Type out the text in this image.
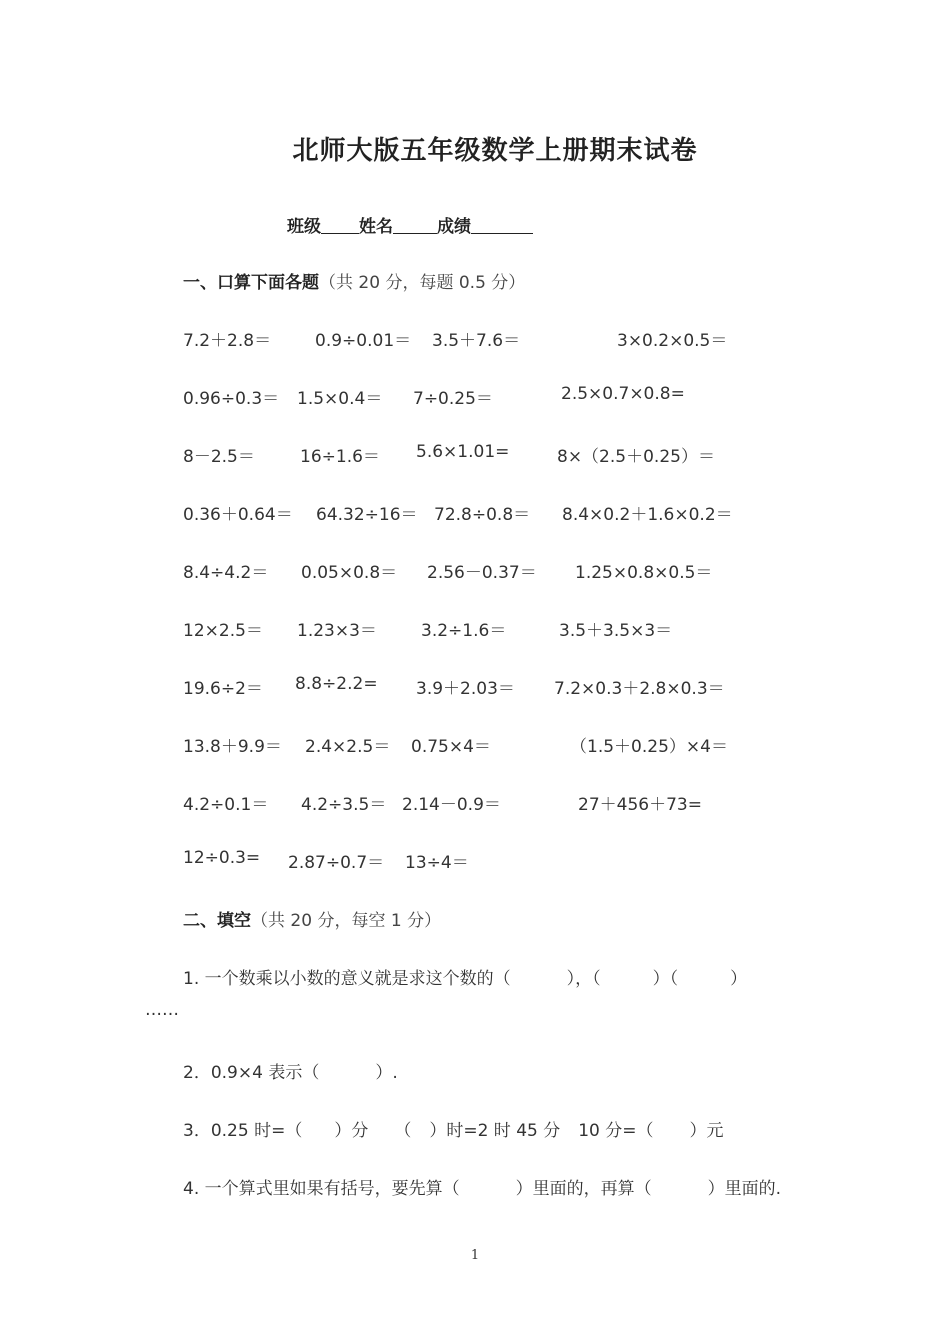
北师大版五年级数学上册期末试卷
班级 姓名	成绩
一、口算下面各题（共 20 分，每题 0.5 分）
7.2＋2.8＝	0.9÷0.01＝ 3.5＋7.6＝	3×0.2×0.5＝
0.96÷0.3＝ 1.5×0.4＝ 7÷0.25＝	2.5×0.7×0.8=
8－2.5＝	16÷1.6＝ 5.6×1.01=	8×（2.5＋0.25）＝
0.36＋0.64＝ 64.32÷16＝ 72.8÷0.8＝ 8.4×0.2＋1.6×0.2＝
8.4÷4.2＝ 0.05×0.8＝ 2.56－0.37＝ 1.25×0.8×0.5＝
12×2.5＝ 1.23×3＝	3.2÷1.6＝	3.5＋3.5×3＝
19.6÷2＝ 8.8÷2.2= 3.9＋2.03＝ 7.2×0.3＋2.8×0.3＝
13.8＋9.9＝ 2.4×2.5＝ 0.75×4＝	（1.5＋0.25）×4＝
4.2÷0.1＝ 4.2÷3.5＝ 2.14－0.9＝	27＋456＋73=
12÷0.3= 2.87÷0.7＝ 13÷4＝
二、填空（共 20 分，每空 1 分）
1. 一个数乘以小数的意义就是求这个数的（	），（	）（	）
……
2．0.9×4 表示（	）.
3．0.25 时=（ ）分 （ ）时=2 时 45 分 10 分=（ ）元
4. 一个算式里如果有括号，要先算（	）里面的，再算（	）里面的.
1
